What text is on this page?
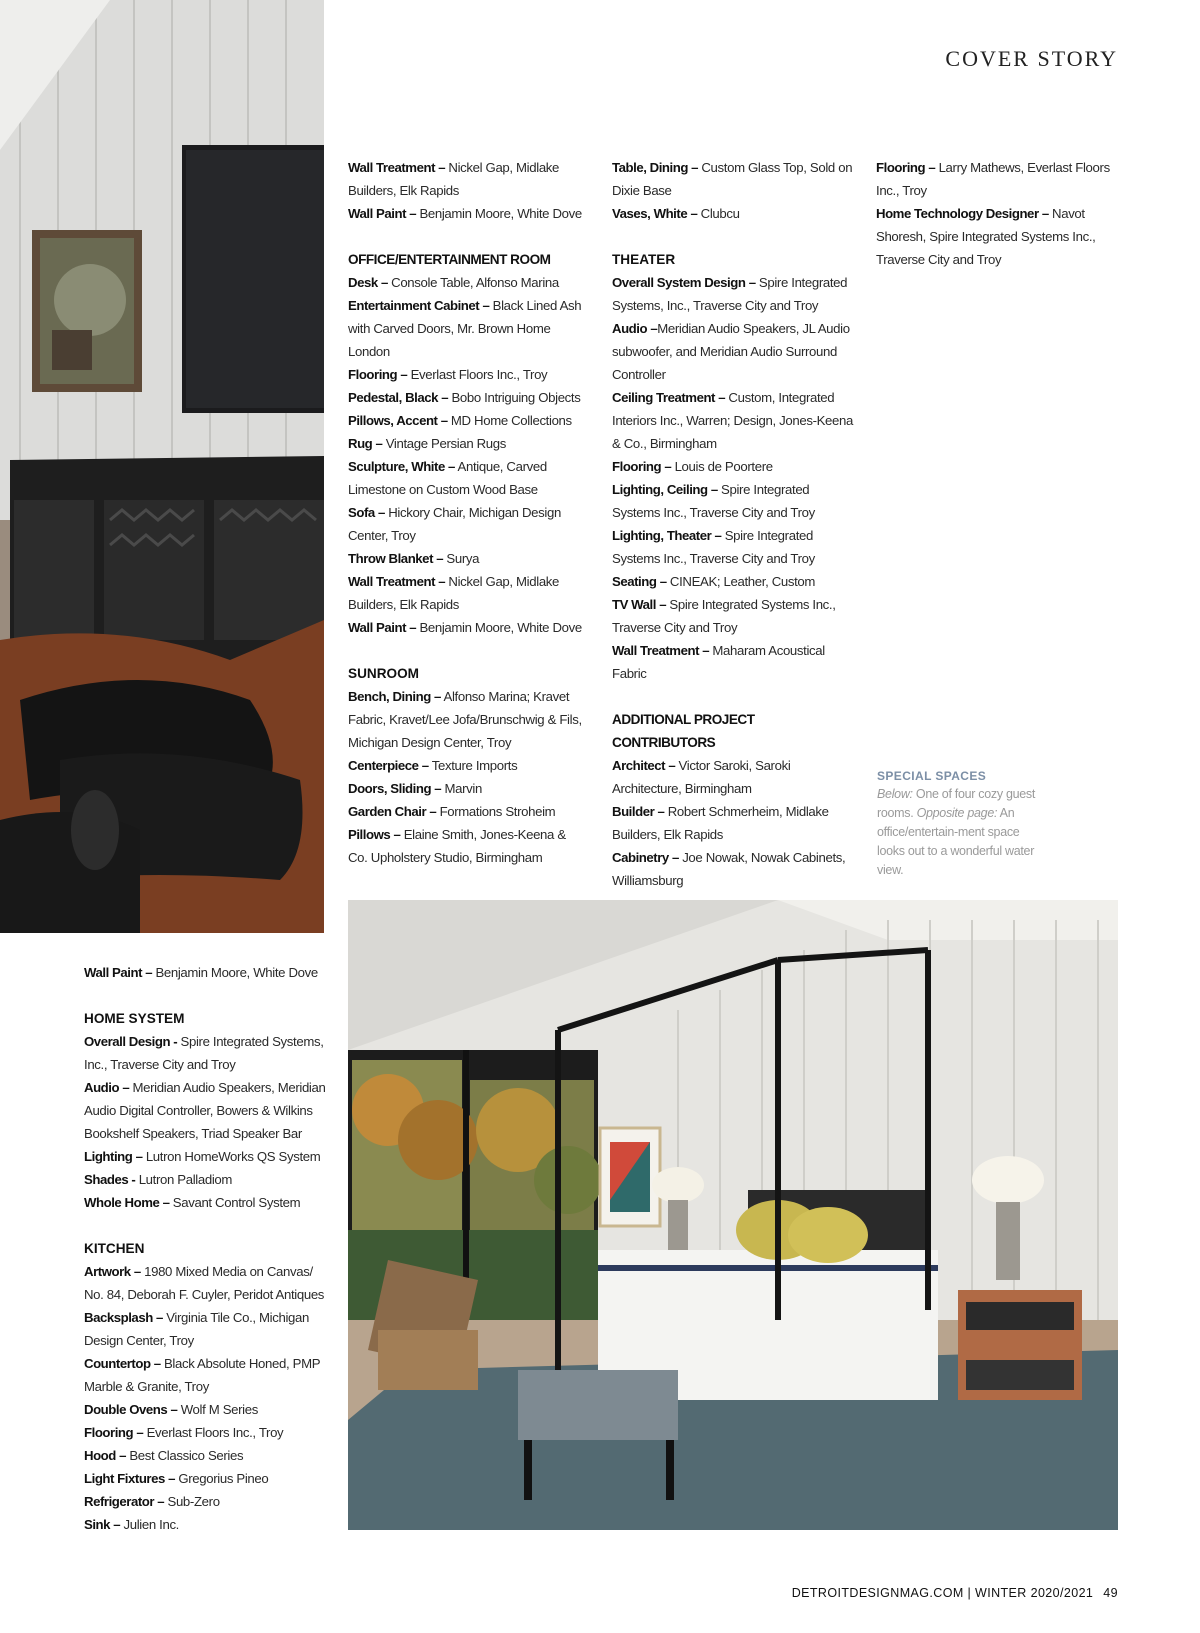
COVER STORY
Wall Treatment – Nickel Gap, Midlake Builders, Elk Rapids
Wall Paint – Benjamin Moore, White Dove
OFFICE/ENTERTAINMENT ROOM
Desk – Console Table, Alfonso Marina
Entertainment Cabinet – Black Lined Ash with Carved Doors, Mr. Brown Home London
Flooring – Everlast Floors Inc., Troy
Pedestal, Black – Bobo Intriguing Objects
Pillows, Accent – MD Home Collections
Rug – Vintage Persian Rugs
Sculpture, White – Antique, Carved Limestone on Custom Wood Base
Sofa – Hickory Chair, Michigan Design Center, Troy
Throw Blanket – Surya
Wall Treatment – Nickel Gap, Midlake Builders, Elk Rapids
Wall Paint – Benjamin Moore, White Dove
SUNROOM
Bench, Dining – Alfonso Marina; Kravet Fabric, Kravet/Lee Jofa/Brunschwig & Fils, Michigan Design Center, Troy
Centerpiece – Texture Imports
Doors, Sliding – Marvin
Garden Chair – Formations Stroheim
Pillows – Elaine Smith, Jones-Keena & Co. Upholstery Studio, Birmingham
Table, Dining – Custom Glass Top, Sold on Dixie Base
Vases, White – Clubcu
THEATER
Overall System Design – Spire Integrated Systems, Inc., Traverse City and Troy
Audio –Meridian Audio Speakers, JL Audio subwoofer, and Meridian Audio Surround Controller
Ceiling Treatment – Custom, Integrated Interiors Inc., Warren; Design, Jones-Keena & Co., Birmingham
Flooring – Louis de Poortere
Lighting, Ceiling – Spire Integrated Systems Inc., Traverse City and Troy
Lighting, Theater – Spire Integrated Systems Inc., Traverse City and Troy
Seating – CINEAK; Leather, Custom
TV Wall – Spire Integrated Systems Inc., Traverse City and Troy
Wall Treatment – Maharam Acoustical Fabric
ADDITIONAL PROJECT CONTRIBUTORS
Architect – Victor Saroki, Saroki Architecture, Birmingham
Builder – Robert Schmerheim, Midlake Builders, Elk Rapids
Cabinetry – Joe Nowak, Nowak Cabinets, Williamsburg
Flooring – Larry Mathews, Everlast Floors Inc., Troy
Home Technology Designer – Navot Shoresh, Spire Integrated Systems Inc., Traverse City and Troy
Wall Paint – Benjamin Moore, White Dove
HOME SYSTEM
Overall Design - Spire Integrated Systems, Inc., Traverse City and Troy
Audio – Meridian Audio Speakers, Meridian Audio Digital Controller, Bowers & Wilkins Bookshelf Speakers, Triad Speaker Bar
Lighting – Lutron HomeWorks QS System
Shades - Lutron Palladiom
Whole Home – Savant Control System
KITCHEN
Artwork – 1980 Mixed Media on Canvas/ No. 84, Deborah F. Cuyler, Peridot Antiques
Backsplash – Virginia Tile Co., Michigan Design Center, Troy
Countertop – Black Absolute Honed, PMP Marble & Granite, Troy
Double Ovens – Wolf M Series
Flooring – Everlast Floors Inc., Troy
Hood – Best Classico Series
Light Fixtures – Gregorius Pineo
Refrigerator – Sub-Zero
Sink – Julien Inc.
SPECIAL SPACES
Below: One of four cozy guest rooms. Opposite page: An office/entertain-ment space looks out to a wonderful water view.
DETROITDESIGNMAG.COM | WINTER 2020/2021 49
